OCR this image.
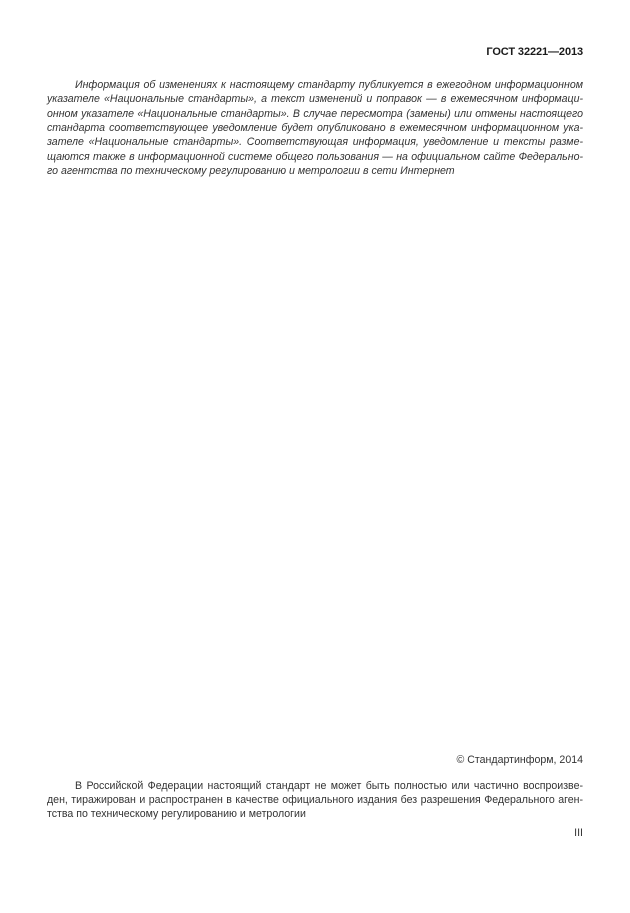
ГОСТ 32221—2013
Информация об изменениях к настоящему стандарту публикуется в ежегодном информационном
указателе «Национальные стандарты», а текст изменений и поправок — в ежемесячном информаци-
онном указателе «Национальные стандарты». В случае пересмотра (замены) или отмены настоящего
стандарта соответствующее уведомление будет опубликовано в ежемесячном информационном ука-
зателе «Национальные стандарты». Соответствующая информация, уведомление и тексты разме-
щаются также в информационной системе общего пользования — на официальном сайте Федерально-
го агентства по техническому регулированию и метрологии в сети Интернет
© Стандартинформ, 2014
В Российской Федерации настоящий стандарт не может быть полностью или частично воспроизве-
ден, тиражирован и распространен в качестве официального издания без разрешения Федерального аген-
тства по техническому регулированию и метрологии
III
